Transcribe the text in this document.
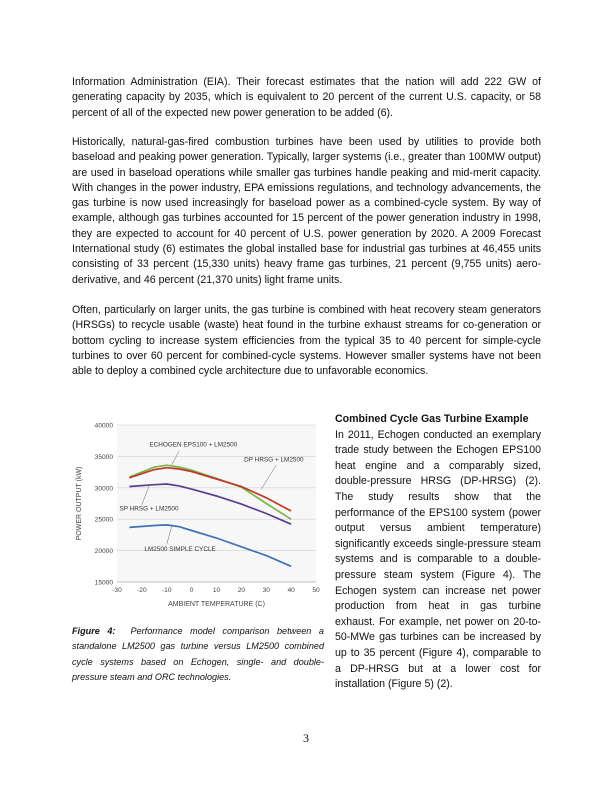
Information Administration (EIA). Their forecast estimates that the nation will add 222 GW of generating capacity by 2035, which is equivalent to 20 percent of the current U.S. capacity, or 58 percent of all of the expected new power generation to be added (6).

Historically, natural-gas-fired combustion turbines have been used by utilities to provide both baseload and peaking power generation. Typically, larger systems (i.e., greater than 100MW output) are used in baseload operations while smaller gas turbines handle peaking and mid-merit capacity. With changes in the power industry, EPA emissions regulations, and technology advancements, the gas turbine is now used increasingly for baseload power as a combined-cycle system. By way of example, although gas turbines accounted for 15 percent of the power generation industry in 1998, they are expected to account for 40 percent of U.S. power generation by 2020. A 2009 Forecast International study (6) estimates the global installed base for industrial gas turbines at 46,455 units consisting of 33 percent (15,330 units) heavy frame gas turbines, 21 percent (9,755 units) aero-derivative, and 46 percent (21,370 units) light frame units.

Often, particularly on larger units, the gas turbine is combined with heat recovery steam generators (HRSGs) to recycle usable (waste) heat found in the turbine exhaust streams for co-generation or bottom cycling to increase system efficiencies from the typical 35 to 40 percent for simple-cycle turbines to over 60 percent for combined-cycle systems. However smaller systems have not been able to deploy a combined cycle architecture due to unfavorable economics.

15000
20000
25000
30000
35000
40000
-30 -20 -10	0	10	20	30	40	50
AMBIENT TEMPERATURE (C)
POWER OUTPUT (kW)
ECHOGEN EPS100 + LM2500
DP HRSG + LM2500
SP HRSG + LM2500
LM2500 SIMPLE CYCLE

Figure 4: Performance model comparison between a standalone LM2500 gas turbine versus LM2500 combined cycle systems based on Echogen, single- and double-pressure steam and ORC technologies.

Combined Cycle Gas Turbine Example
In 2011, Echogen conducted an exemplary trade study between the Echogen EPS100 heat engine and a comparably sized, double-pressure HRSG (DP-HRSG) (2). The study results show that the performance of the EPS100 system (power output versus ambient temperature) significantly exceeds single-pressure steam systems and is comparable to a double-pressure steam system (Figure 4). The Echogen system can increase net power production from heat in gas turbine exhaust. For example, net power on 20-to-50-MWe gas turbines can be increased by up to 35 percent (Figure 4), comparable to a DP-HRSG but at a lower cost for installation (Figure 5) (2).
3
